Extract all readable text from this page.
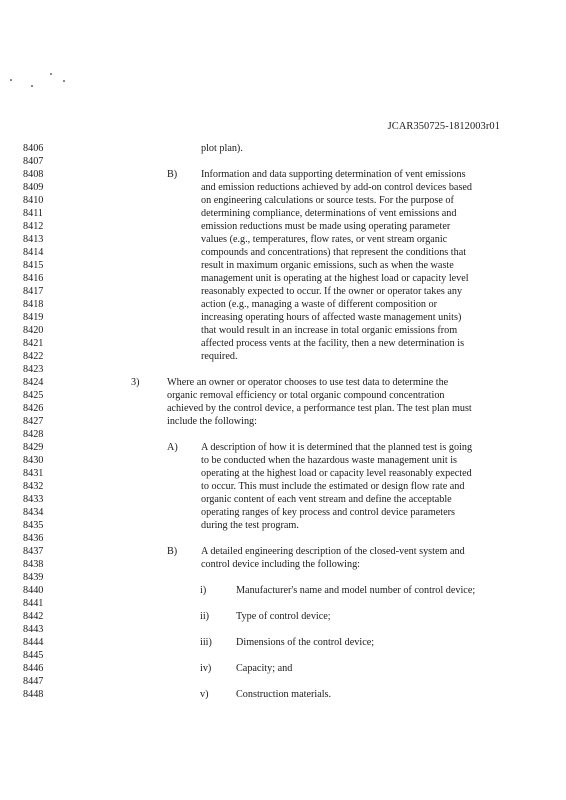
JCAR350725-1812003r01
8406	plot plan).
8407
8408	B) Information and data supporting determination of vent emissions
8409	and emission reductions achieved by add-on control devices based
8410	on engineering calculations or source tests. For the purpose of
8411	determining compliance, determinations of vent emissions and
8412	emission reductions must be made using operating parameter
8413	values (e.g., temperatures, flow rates, or vent stream organic
8414	compounds and concentrations) that represent the conditions that
8415	result in maximum organic emissions, such as when the waste
8416	management unit is operating at the highest load or capacity level
8417	reasonably expected to occur. If the owner or operator takes any
8418	action (e.g., managing a waste of different composition or
8419	increasing operating hours of affected waste management units)
8420	that would result in an increase in total organic emissions from
8421	affected process vents at the facility, then a new determination is
8422	required.
8423
8424	3)	Where an owner or operator chooses to use test data to determine the
8425	organic removal efficiency or total organic compound concentration
8426	achieved by the control device, a performance test plan. The test plan must
8427	include the following:
8428
8429	A) A description of how it is determined that the planned test is going
8430	to be conducted when the hazardous waste management unit is
8431	operating at the highest load or capacity level reasonably expected
8432	to occur. This must include the estimated or design flow rate and
8433	organic content of each vent stream and define the acceptable
8434	operating ranges of key process and control device parameters
8435	during the test program.
8436
8437	B) A detailed engineering description of the closed-vent system and
8438	control device including the following:
8439
8440	i)	Manufacturer's name and model number of control device;
8441
8442	ii)	Type of control device;
8443
8444	iii) Dimensions of the control device;
8445
8446	iv) Capacity; and
8447
8448	v)	Construction materials.
